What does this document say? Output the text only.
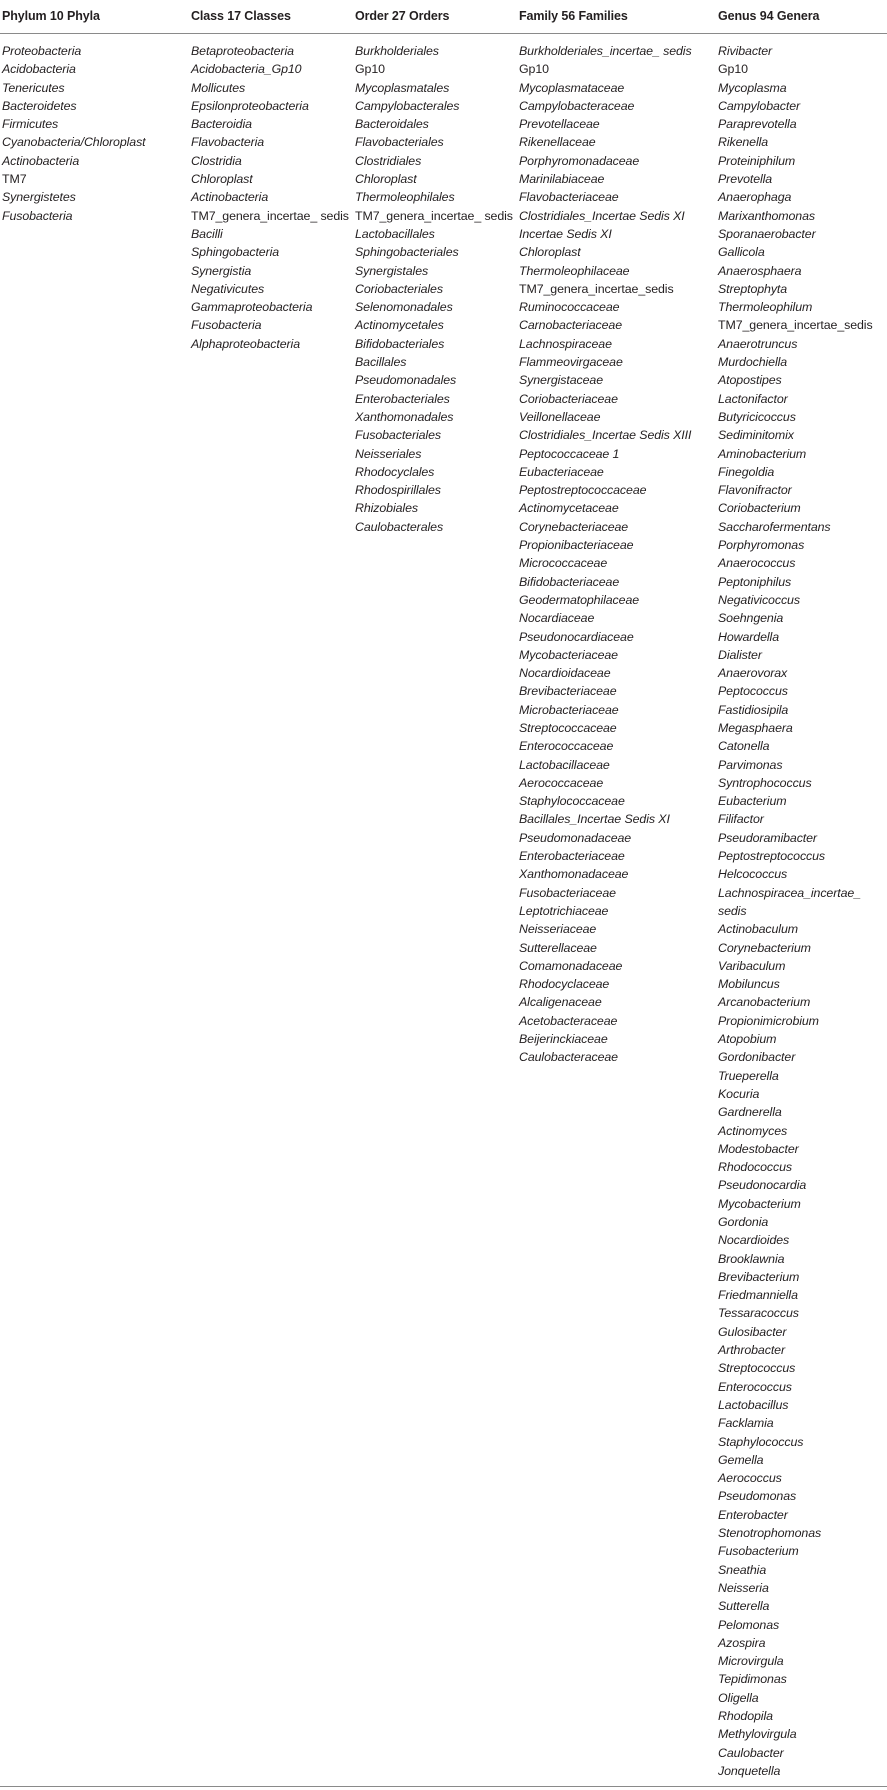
Phylum 10 Phyla
Proteobacteria
Acidobacteria
Tenericutes
Bacteroidetes
Firmicutes
Cyanobacteria/Chloroplast
Actinobacteria
TM7
Synergistetes
Fusobacteria
Class 17 Classes
Betaproteobacteria
Acidobacteria_Gp10
Mollicutes
Epsilonproteobacteria
Bacteroidia
Flavobacteria
Clostridia
Chloroplast
Actinobacteria
TM7_genera_incertae_ sedis
Bacilli
Sphingobacteria
Synergistia
Negativicutes
Gammaproteobacteria
Fusobacteria
Alphaproteobacteria
Order 27 Orders
Burkholderiales
Gp10
Mycoplasmatales
Campylobacterales
Bacteroidales
Flavobacteriales
Clostridiales
Chloroplast
Thermoleophilales
TM7_genera_incertae_ sedis
Lactobacillales
Sphingobacteriales
Synergistales
Coriobacteriales
Selenomonadales
Actinomycetales
Bifidobacteriales
Bacillales
Pseudomonadales
Enterobacteriales
Xanthomonadales
Fusobacteriales
Neisseriales
Rhodocyclales
Rhodospirillales
Rhizobiales
Caulobacterales
Family 56 Families
Burkholderiales_incertae_ sedis
Gp10
Mycoplasmataceae
Campylobacteraceae
Prevotellaceae
Rikenellaceae
Porphyromonadaceae
Marinilabiaceae
Flavobacteriaceae
Clostridiales_Incertae Sedis XI
Incertae Sedis XI
Chloroplast
Thermoleophilaceae
TM7_genera_incertae_sedis
Ruminococcaceae
Carnobacteriaceae
Lachnospiraceae
Flammeovirgaceae
Synergistaceae
Coriobacteriaceae
Veillonellaceae
Clostridiales_Incertae Sedis XIII
Peptococcaceae 1
Eubacteriaceae
Peptostreptococcaceae
Actinomycetaceae
Corynebacteriaceae
Propionibacteriaceae
Micrococcaceae
Bifidobacteriaceae
Geodermatophilaceae
Nocardiaceae
Pseudonocardiaceae
Mycobacteriaceae
Nocardioidaceae
Brevibacteriaceae
Microbacteriaceae
Streptococcaceae
Enterococcaceae
Lactobacillaceae
Aerococcaceae
Staphylococcaceae
Bacillales_Incertae Sedis XI
Pseudomonadaceae
Enterobacteriaceae
Xanthomonadaceae
Fusobacteriaceae
Leptotrichiaceae
Neisseriaceae
Sutterellaceae
Comamonadaceae
Rhodocyclaceae
Alcaligenaceae
Acetobacteraceae
Beijerinckiaceae
Caulobacteraceae
Genus 94 Genera
Rivibacter
Gp10
Mycoplasma
Campylobacter
Paraprevotella
Rikenella
Proteiniphilum
Prevotella
Anaerophaga
Marixanthomonas
Sporanaerobacter
Gallicola
Anaerosphaera
Streptophyta
Thermoleophilum
TM7_genera_incertae_sedis
Anaerotruncus
Murdochiella
Atopostipes
Lactonifactor
Butyricicoccus
Sediminitomix
Aminobacterium
Finegoldia
Flavonifractor
Coriobacterium
Saccharofermentans
Porphyromonas
Anaerococcus
Peptoniphilus
Negativicoccus
Soehngenia
Howardella
Dialister
Anaerovorax
Peptococcus
Fastidiosipila
Megasphaera
Catonella
Parvimonas
Syntrophococcus
Eubacterium
Filifactor
Pseudoramibacter
Peptostreptococcus
Helcococcus
Lachnospiracea_incertae_ sedis
Actinobaculum
Corynebacterium
Varibaculum
Mobiluncus
Arcanobacterium
Propionimicrobium
Atopobium
Gordonibacter
Trueperella
Kocuria
Gardnerella
Actinomyces
Modestobacter
Rhodococcus
Pseudonocardia
Mycobacterium
Gordonia
Nocardioides
Brooklawnia
Brevibacterium
Friedmanniella
Tessaracoccus
Gulosibacter
Arthrobacter
Streptococcus
Enterococcus
Lactobacillus
Facklamia
Staphylococcus
Gemella
Aerococcus
Pseudomonas
Enterobacter
Stenotrophomonas
Fusobacterium
Sneathia
Neisseria
Sutterella
Pelomonas
Azospira
Microvirgula
Tepidimonas
Oligella
Rhodopila
Methylovirgula
Caulobacter
Jonquetella
